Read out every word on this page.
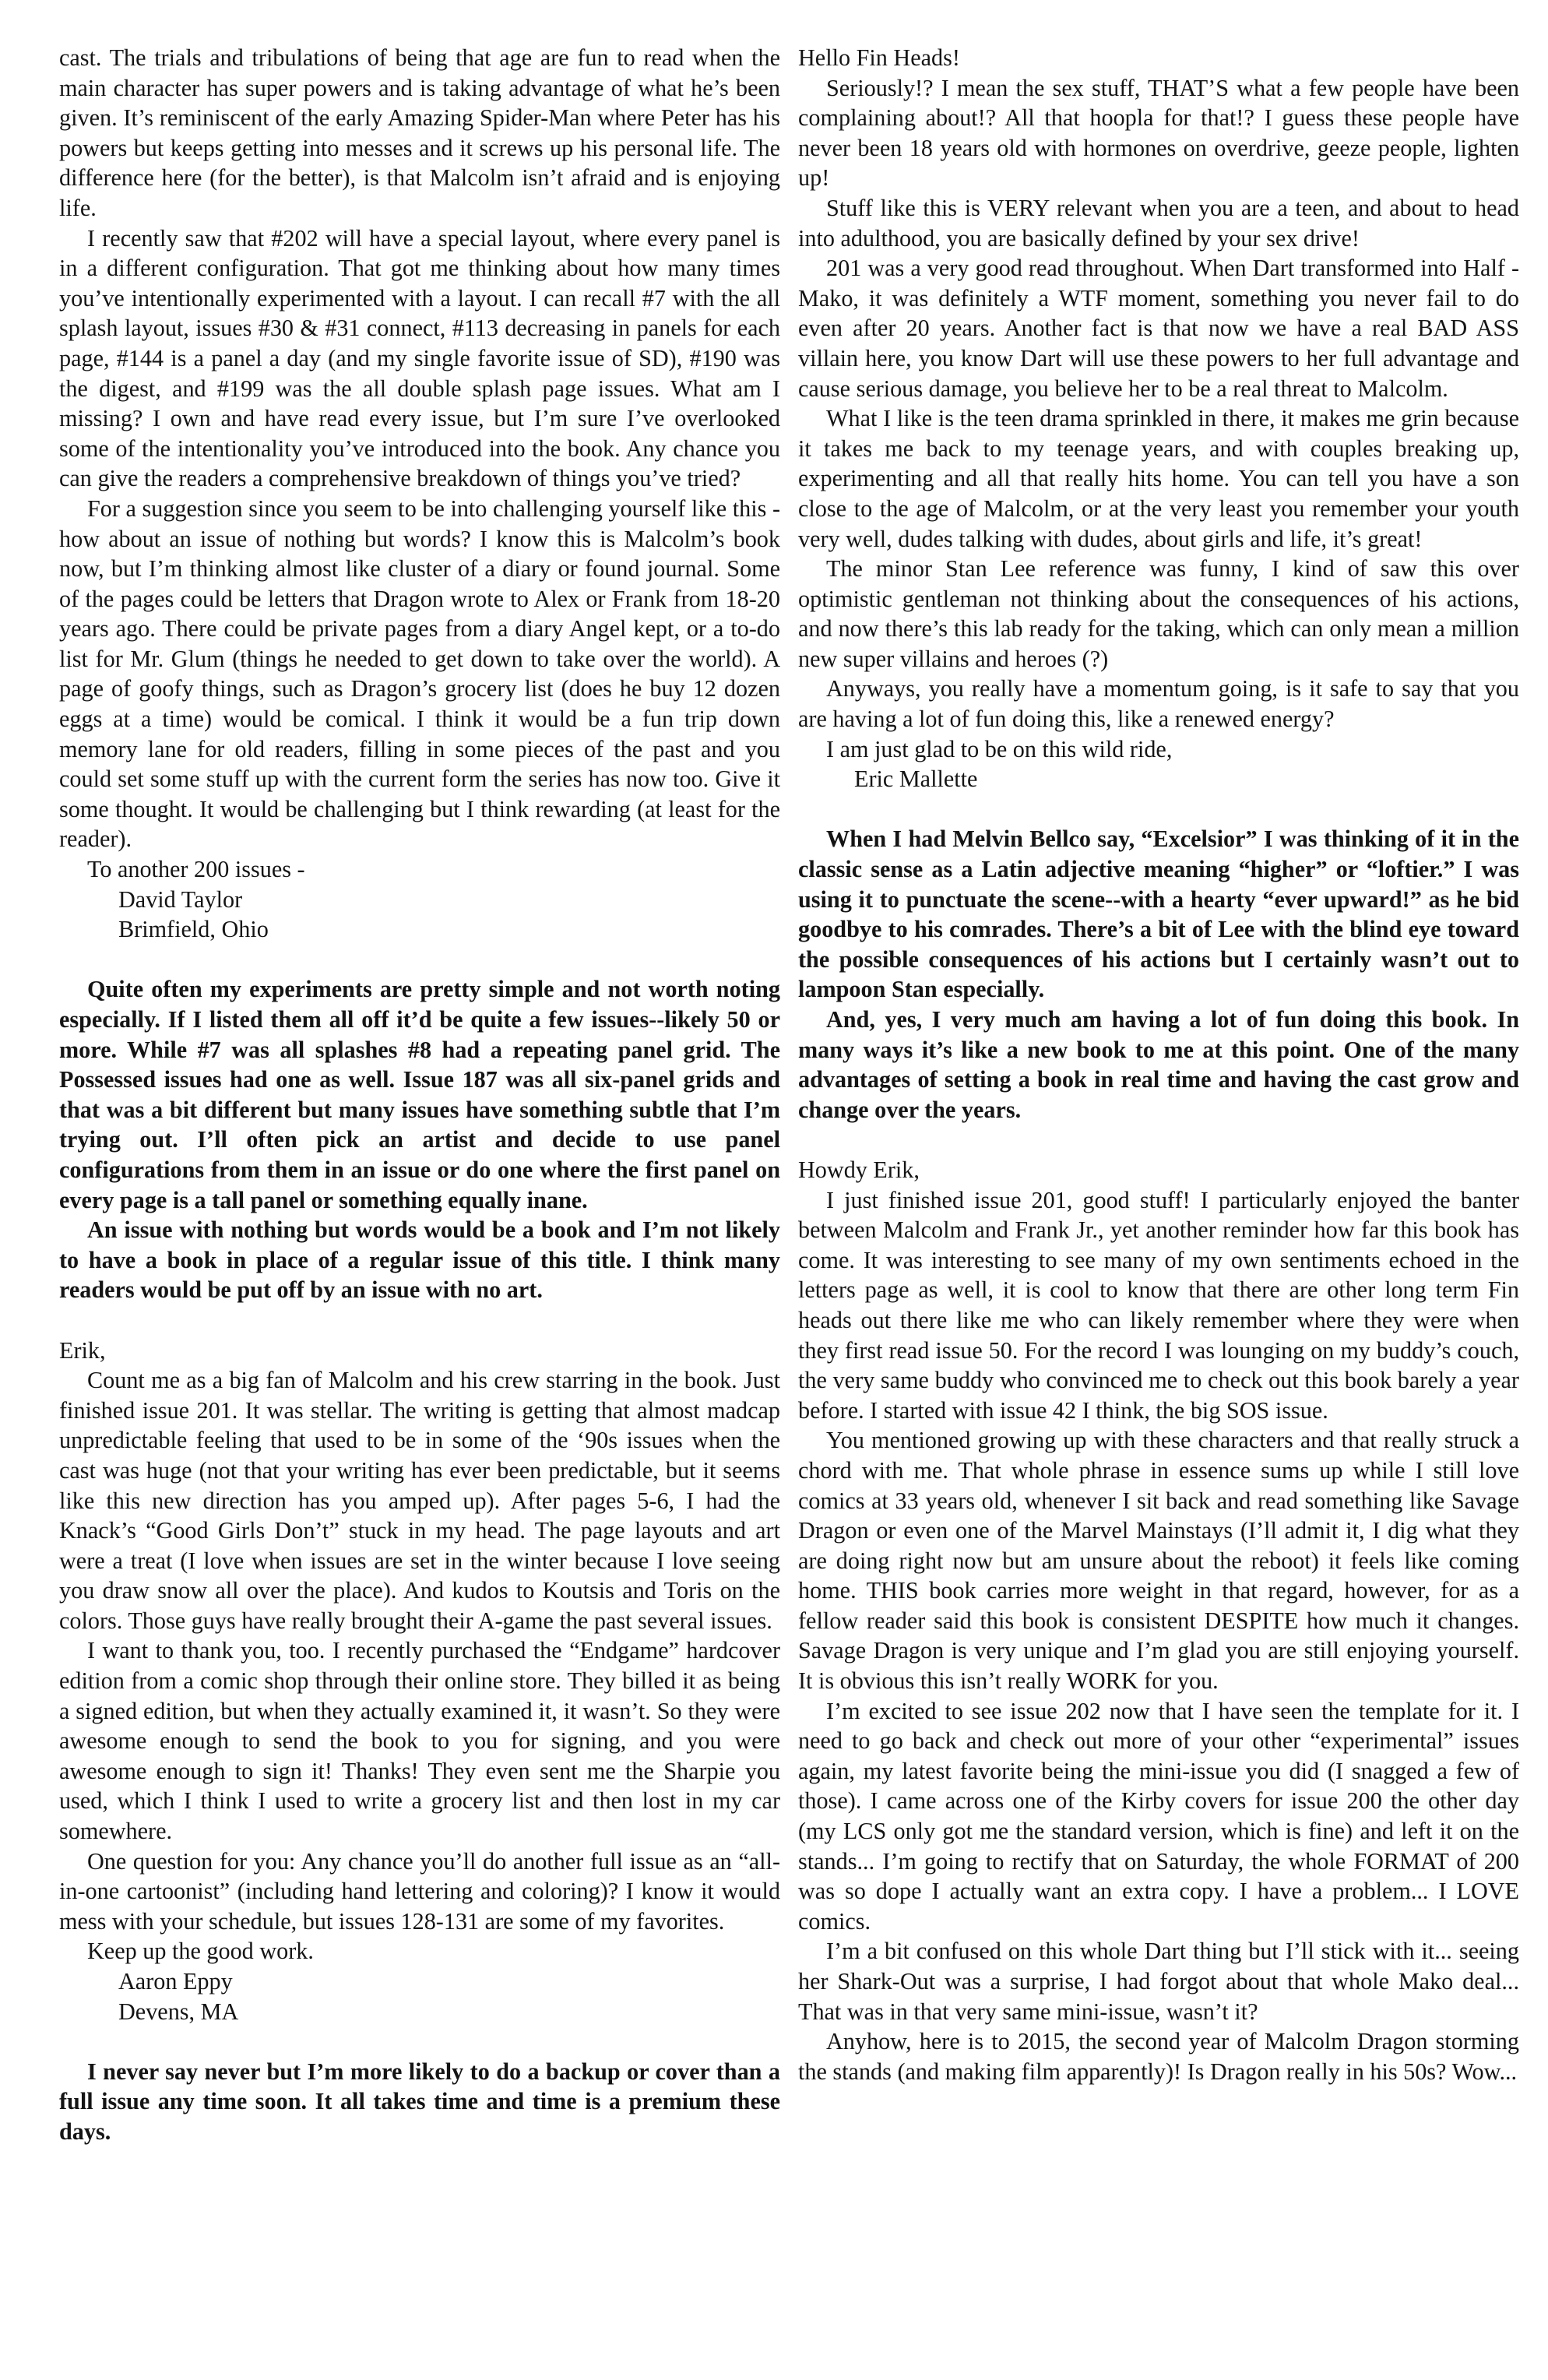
cast. The trials and tribulations of being that age are fun to read when the main character has super powers and is taking advantage of what he’s been given. It’s reminiscent of the early Amazing Spider-Man where Peter has his powers but keeps getting into messes and it screws up his personal life. The difference here (for the better), is that Malcolm isn’t afraid and is enjoying life.

I recently saw that #202 will have a special layout, where every panel is in a different configuration. That got me thinking about how many times you’ve intentionally experimented with a layout. I can recall #7 with the all splash layout, issues #30 & #31 connect, #113 decreasing in panels for each page, #144 is a panel a day (and my single favorite issue of SD), #190 was the digest, and #199 was the all double splash page issues. What am I missing? I own and have read every issue, but I’m sure I’ve overlooked some of the intentionality you’ve introduced into the book. Any chance you can give the readers a comprehensive breakdown of things you’ve tried?

For a suggestion since you seem to be into challenging yourself like this - how about an issue of nothing but words? I know this is Malcolm’s book now, but I’m thinking almost like cluster of a diary or found journal. Some of the pages could be letters that Dragon wrote to Alex or Frank from 18-20 years ago. There could be private pages from a diary Angel kept, or a to-do list for Mr. Glum (things he needed to get down to take over the world). A page of goofy things, such as Dragon’s grocery list (does he buy 12 dozen eggs at a time) would be comical. I think it would be a fun trip down memory lane for old readers, filling in some pieces of the past and you could set some stuff up with the current form the series has now too. Give it some thought. It would be challenging but I think rewarding (at least for the reader).

To another 200 issues -

David Taylor

Brimfield, Ohio

Quite often my experiments are pretty simple and not worth noting especially. If I listed them all off it’d be quite a few issues--likely 50 or more. While #7 was all splashes #8 had a repeating panel grid. The Possessed issues had one as well. Issue 187 was all six-panel grids and that was a bit different but many issues have something subtle that I’m trying out. I’ll often pick an artist and decide to use panel configurations from them in an issue or do one where the first panel on every page is a tall panel or something equally inane.

An issue with nothing but words would be a book and I’m not likely to have a book in place of a regular issue of this title. I think many readers would be put off by an issue with no art.

Erik,

Count me as a big fan of Malcolm and his crew starring in the book. Just finished issue 201. It was stellar. The writing is getting that almost madcap unpredictable feeling that used to be in some of the ‘90s issues when the cast was huge (not that your writing has ever been predictable, but it seems like this new direction has you amped up). After pages 5-6, I had the Knack’s “Good Girls Don’t” stuck in my head. The page layouts and art were a treat (I love when issues are set in the winter because I love seeing you draw snow all over the place). And kudos to Koutsis and Toris on the colors. Those guys have really brought their A-game the past several issues.

I want to thank you, too. I recently purchased the “Endgame” hardcover edition from a comic shop through their online store. They billed it as being a signed edition, but when they actually examined it, it wasn’t. So they were awesome enough to send the book to you for signing, and you were awesome enough to sign it! Thanks! They even sent me the Sharpie you used, which I think I used to write a grocery list and then lost in my car somewhere.

One question for you: Any chance you’ll do another full issue as an “all-in-one cartoonist” (including hand lettering and coloring)? I know it would mess with your schedule, but issues 128-131 are some of my favorites.

Keep up the good work.

Aaron Eppy

Devens, MA

I never say never but I’m more likely to do a backup or cover than a full issue any time soon. It all takes time and time is a premium these days.

Hello Fin Heads!

Seriously!? I mean the sex stuff, THAT’S what a few people have been complaining about!? All that hoopla for that!? I guess these people have never been 18 years old with hormones on overdrive, geeze people, lighten up!

Stuff like this is VERY relevant when you are a teen, and about to head into adulthood, you are basically defined by your sex drive!

201 was a very good read throughout. When Dart transformed into Half -Mako, it was definitely a WTF moment, something you never fail to do even after 20 years. Another fact is that now we have a real BAD ASS villain here, you know Dart will use these powers to her full advantage and cause serious damage, you believe her to be a real threat to Malcolm.

What I like is the teen drama sprinkled in there, it makes me grin because it takes me back to my teenage years, and with couples breaking up, experimenting and all that really hits home. You can tell you have a son close to the age of Malcolm, or at the very least you remember your youth very well, dudes talking with dudes, about girls and life, it’s great!

The minor Stan Lee reference was funny, I kind of saw this over optimistic gentleman not thinking about the consequences of his actions, and now there’s this lab ready for the taking, which can only mean a million new super villains and heroes (?)

Anyways, you really have a momentum going, is it safe to say that you are having a lot of fun doing this, like a renewed energy?

I am just glad to be on this wild ride,

Eric Mallette

When I had Melvin Bellco say, “Excelsior” I was thinking of it in the classic sense as a Latin adjective meaning “higher” or “loftier.” I was using it to punctuate the scene--with a hearty “ever upward!” as he bid goodbye to his comrades. There’s a bit of Lee with the blind eye toward the possible consequences of his actions but I certainly wasn’t out to lampoon Stan especially.

And, yes, I very much am having a lot of fun doing this book. In many ways it’s like a new book to me at this point. One of the many advantages of setting a book in real time and having the cast grow and change over the years.

Howdy Erik,

I just finished issue 201, good stuff! I particularly enjoyed the banter between Malcolm and Frank Jr., yet another reminder how far this book has come. It was interesting to see many of my own sentiments echoed in the letters page as well, it is cool to know that there are other long term Fin heads out there like me who can likely remember where they were when they first read issue 50. For the record I was lounging on my buddy’s couch, the very same buddy who convinced me to check out this book barely a year before. I started with issue 42 I think, the big SOS issue.

You mentioned growing up with these characters and that really struck a chord with me. That whole phrase in essence sums up while I still love comics at 33 years old, whenever I sit back and read something like Savage Dragon or even one of the Marvel Mainstays (I’ll admit it, I dig what they are doing right now but am unsure about the reboot) it feels like coming home. THIS book carries more weight in that regard, however, for as a fellow reader said this book is consistent DESPITE how much it changes. Savage Dragon is very unique and I’m glad you are still enjoying yourself. It is obvious this isn’t really WORK for you.

I’m excited to see issue 202 now that I have seen the template for it. I need to go back and check out more of your other “experimental” issues again, my latest favorite being the mini-issue you did (I snagged a few of those). I came across one of the Kirby covers for issue 200 the other day (my LCS only got me the standard version, which is fine) and left it on the stands... I’m going to rectify that on Saturday, the whole FORMAT of 200 was so dope I actually want an extra copy. I have a problem... I LOVE comics.

I’m a bit confused on this whole Dart thing but I’ll stick with it... seeing her Shark-Out was a surprise, I had forgot about that whole Mako deal... That was in that very same mini-issue, wasn’t it?

Anyhow, here is to 2015, the second year of Malcolm Dragon storming the stands (and making film apparently)! Is Dragon really in his 50s? Wow...
